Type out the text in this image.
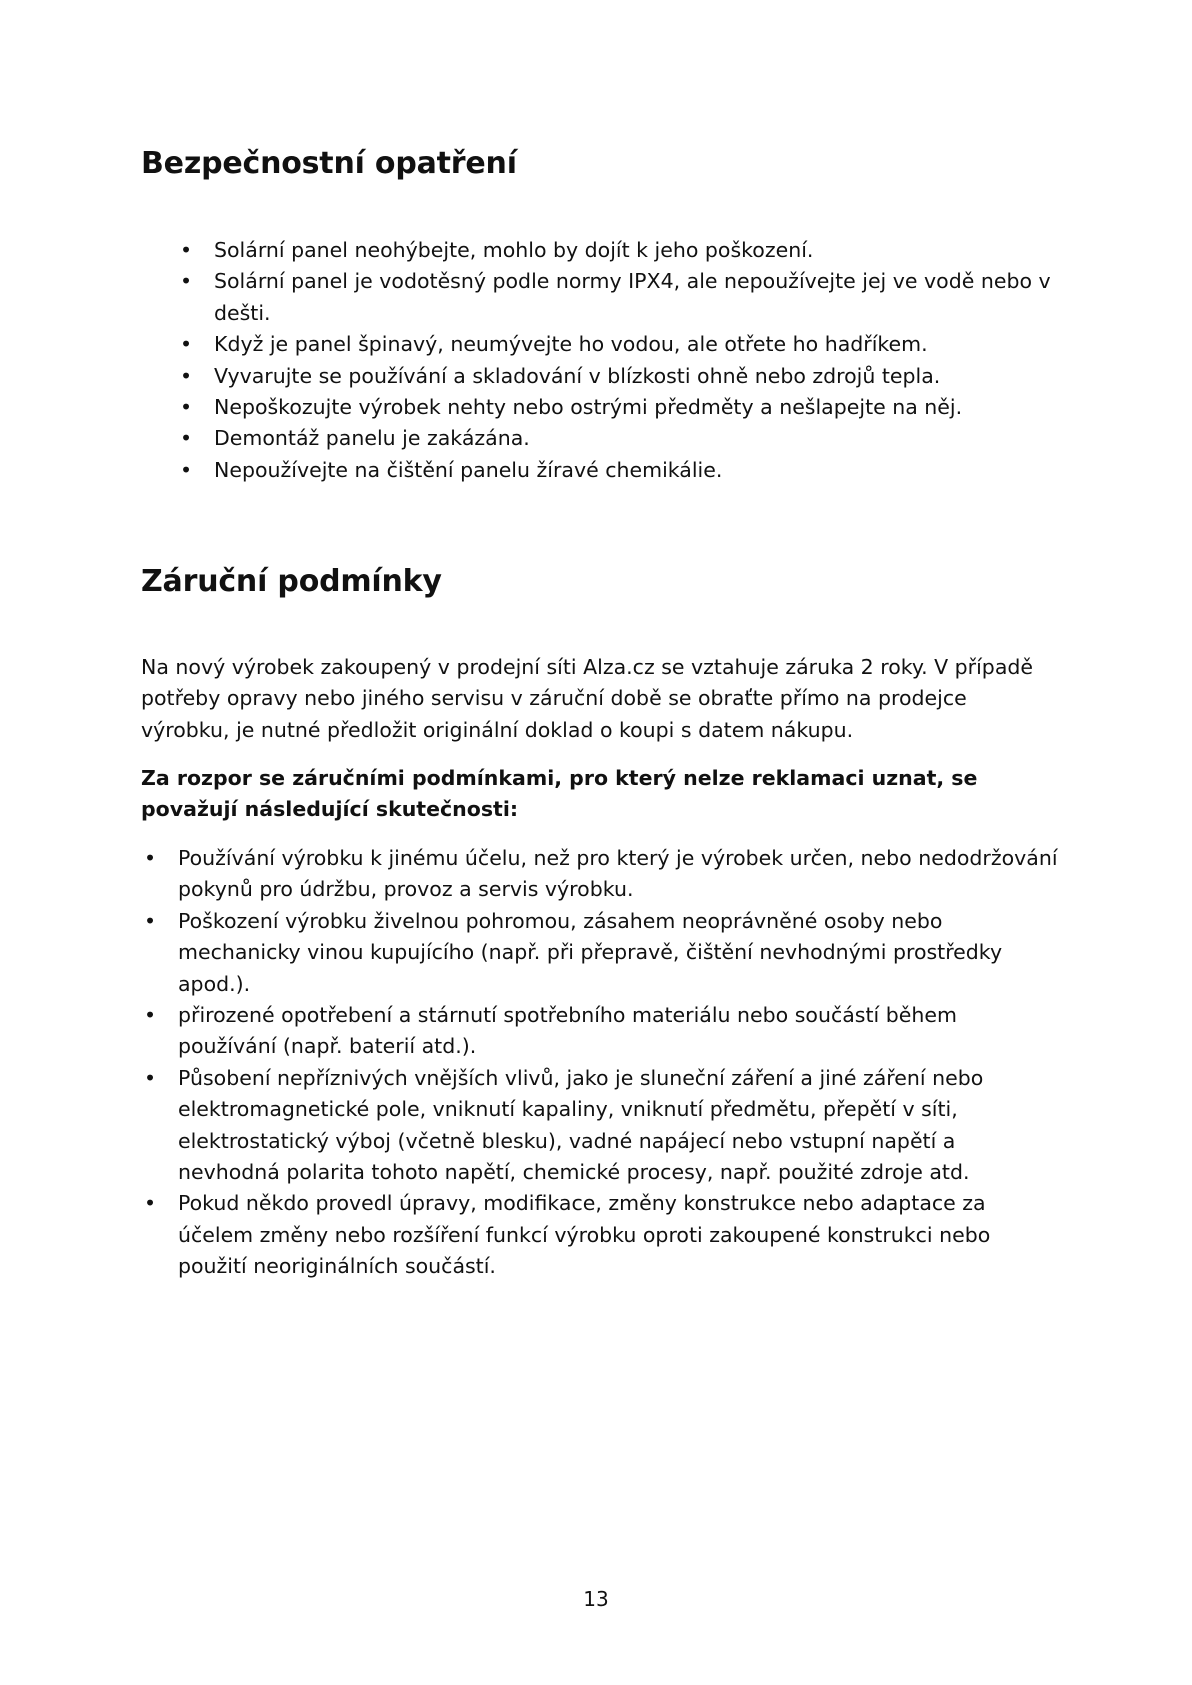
Bezpečnostní opatření
• Solární panel neohýbejte, mohlo by dojít k jeho poškození.
• Solární panel je vodotěsný podle normy IPX4, ale nepoužívejte jej ve vodě nebo v dešti.
• Když je panel špinavý, neumývejte ho vodou, ale otřete ho hadříkem.
• Vyvarujte se používání a skladování v blízkosti ohně nebo zdrojů tepla.
• Nepoškozujte výrobek nehty nebo ostrými předměty a nešlapejte na něj.
• Demontáž panelu je zakázána.
• Nepoužívejte na čištění panelu žíravé chemikálie.
Záruční podmínky

Na nový výrobek zakoupený v prodejní síti Alza.cz se vztahuje záruka 2 roky. V případě potřeby opravy nebo jiného servisu v záruční době se obraťte přímo na prodejce výrobku, je nutné předložit originální doklad o koupi s datem nákupu.

Za rozpor se záručními podmínkami, pro který nelze reklamaci uznat, se považují následující skutečnosti:

• Používání výrobku k jinému účelu, než pro který je výrobek určen, nebo nedodržování pokynů pro údržbu, provoz a servis výrobku.
• Poškození výrobku živelnou pohromou, zásahem neoprávněné osoby nebo mechanicky vinou kupujícího (např. při přepravě, čištění nevhodnými prostředky apod.).
• přirozené opotřebení a stárnutí spotřebního materiálu nebo součástí během používání (např. baterií atd.).
• Působení nepříznivých vnějších vlivů, jako je sluneční záření a jiné záření nebo elektromagnetické pole, vniknutí kapaliny, vniknutí předmětu, přepětí v síti, elektrostatický výboj (včetně blesku), vadné napájecí nebo vstupní napětí a nevhodná polarita tohoto napětí, chemické procesy, např. použité zdroje atd.
• Pokud někdo provedl úpravy, modifikace, změny konstrukce nebo adaptace za účelem změny nebo rozšíření funkcí výrobku oproti zakoupené konstrukci nebo použití neoriginálních součástí.
13
